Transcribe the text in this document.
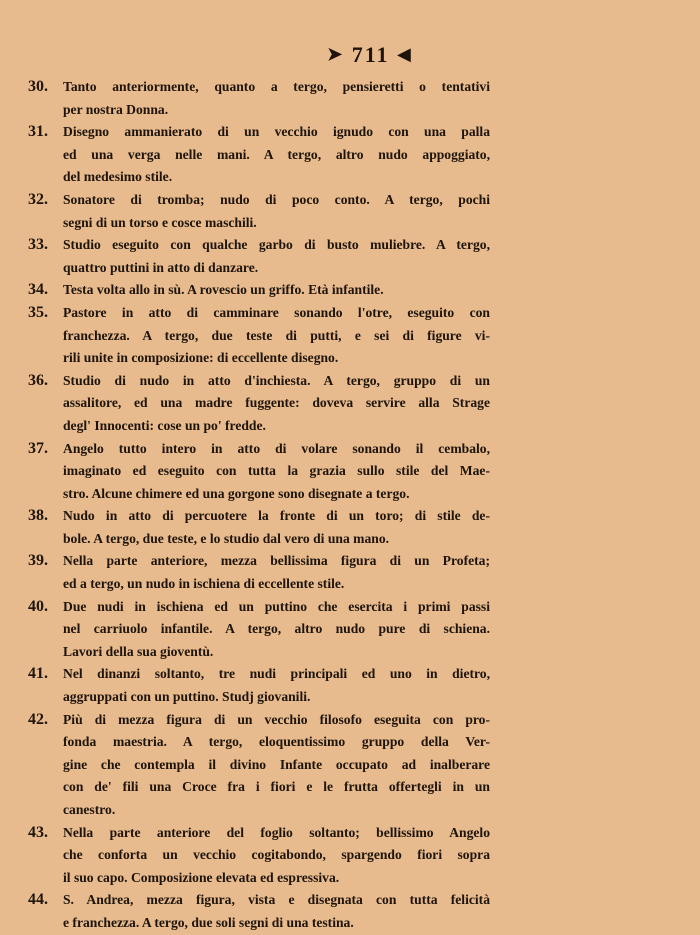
➤ 711 ◀
30. Tanto anteriormente, quanto a tergo, pensieretti o tentativi
per nostra Donna.
31. Disegno ammanierato di un vecchio ignudo con una palla
ed una verga nelle mani. A tergo, altro nudo appoggiato,
del medesimo stile.
32. Sonatore di tromba; nudo di poco conto. A tergo, pochi
segni di un torso e cosce maschili.
33. Studio eseguito con qualche garbo di busto muliebre. A tergo,
quattro puttini in atto di danzare.
34. Testa volta allo in sù. A rovescio un griffo. Età infantile.
35. Pastore in atto di camminare sonando l'otre, eseguito con
franchezza. A tergo, due teste di putti, e sei di figure vi-
rili unite in composizione: di eccellente disegno.
36. Studio di nudo in atto d'inchiesta. A tergo, gruppo di un
assalitore, ed una madre fuggente: doveva servire alla Strage
degl' Innocenti: cose un po' fredde.
37. Angelo tutto intero in atto di volare sonando il cembalo,
imaginato ed eseguito con tutta la grazia sullo stile del Mae-
stro. Alcune chimere ed una gorgone sono disegnate a tergo.
38. Nudo in atto di percuotere la fronte di un toro; di stile de-
bole. A tergo, due teste, e lo studio dal vero di una mano.
39. Nella parte anteriore, mezza bellissima figura di un Profeta;
ed a tergo, un nudo in ischiena di eccellente stile.
40. Due nudi in ischiena ed un puttino che esercita i primi passi
nel carriuolo infantile. A tergo, altro nudo pure di schiena.
Lavori della sua gioventù.
41. Nel dinanzi soltanto, tre nudi principali ed uno in dietro,
aggruppati con un puttino. Studj giovanili.
42. Più di mezza figura di un vecchio filosofo eseguita con pro-
fonda maestria. A tergo, eloquentissimo gruppo della Ver-
gine che contempla il divino Infante occupato ad inalberare
con de' fili una Croce fra i fiori e le frutta offertegli in un
canestro.
43. Nella parte anteriore del foglio soltanto; bellissimo Angelo
che conforta un vecchio cogitabondo, spargendo fiori sopra
il suo capo. Composizione elevata ed espressiva.
44. S. Andrea, mezza figura, vista e disegnata con tutta felicità
e franchezza. A tergo, due soli segni di una testina.
